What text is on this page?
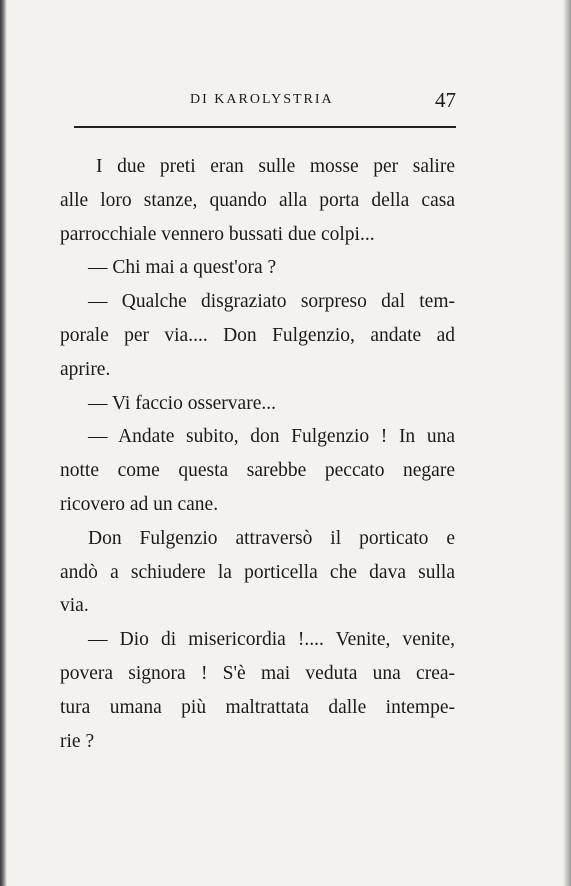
DI KAROLYSTRIA	47
I due preti eran sulle mosse per salire
alle loro stanze, quando alla porta della casa
parrocchiale vennero bussati due colpi...
— Chi mai a quest'ora ?
— Qualche disgraziato sorpreso dal tem-
porale per via.... Don Fulgenzio, andate ad
aprire.
— Vi faccio osservare...
— Andate subito, don Fulgenzio ! In una
notte come questa sarebbe peccato negare
ricovero ad un cane.
Don Fulgenzio attraversò il porticato e
andò a schiudere la porticella che dava sulla
via.
— Dio di misericordia !.... Venite, venite,
povera signora ! S'è mai veduta una crea-
tura umana più maltrattata dalle intempe-
rie ?
